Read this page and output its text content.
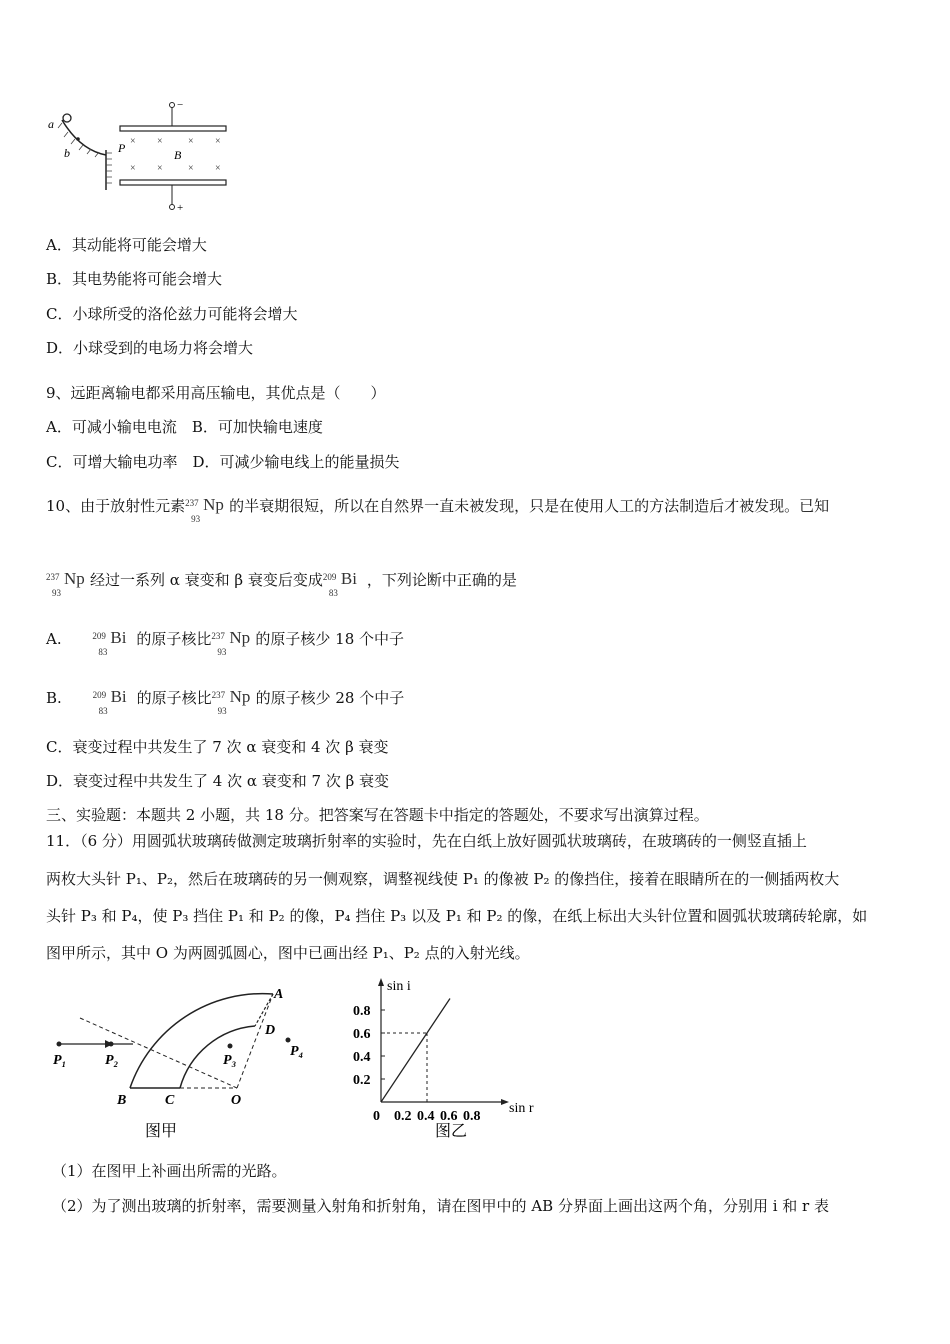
a
b
−
+
P	B
× ×	× ×
× ×	× ×
A．其动能将可能会增大
B．其电势能将可能会增大
C．小球所受的洛伦兹力可能将会增大
D．小球受到的电场力将会增大
9、远距离输电都采用高压输电，其优点是（　　）
A．可减小输电电流　B．可加快输电速度
C．可增大输电功率　D．可减少输电线上的能量损失
10、由于放射性元素 237
93
Np 的半衰期很短，所以在自然界一直未被发现，只是在使用人工的方法制造后才被发现。已知
237
93
Np 经过一系列 α 衰变和 β 衰变后变成 209
83
Bi ，下列论断中正确的是
A.	209
83
Bi 的原子核比 237
93
Np 的原子核少 18 个中子
B.	209
83
Bi 的原子核比 237
93
Np 的原子核少 28 个中子
C．衰变过程中共发生了 7 次 α 衰变和 4 次 β 衰变
D．衰变过程中共发生了 4 次 α 衰变和 7 次 β 衰变
三、实验题：本题共 2 小题，共 18 分。把答案写在答题卡中指定的答题处，不要求写出演算过程。
11．（6 分）用圆弧状玻璃砖做测定玻璃折射率的实验时，先在白纸上放好圆弧状玻璃砖，在玻璃砖的一侧竖直插上
两枚大头针 P₁、P₂，然后在玻璃砖的另一侧观察，调整视线使 P₁ 的像被 P₂ 的像挡住，接着在眼睛所在的一侧插两枚大
头针 P₃ 和 P₄，使 P₃ 挡住 P₁ 和 P₂ 的像，P₄ 挡住 P₃ 以及 P₁ 和 P₂ 的像，在纸上标出大头针位置和圆弧状玻璃砖轮廓，如
图甲所示，其中 O 为两圆弧圆心，图中已画出经 P₁、P₂ 点的入射光线。
P₁	P₂	P₃
P₄
A
D
B	C	O
图甲
sin i
sin r
0.2
0.4
0.6
0.8
0 0.2 0.4 0.6 0.8
图乙
（1）在图甲上补画出所需的光路。
（2）为了测出玻璃的折射率，需要测量入射角和折射角，请在图甲中的 AB 分界面上画出这两个角，分别用 i 和 r 表
